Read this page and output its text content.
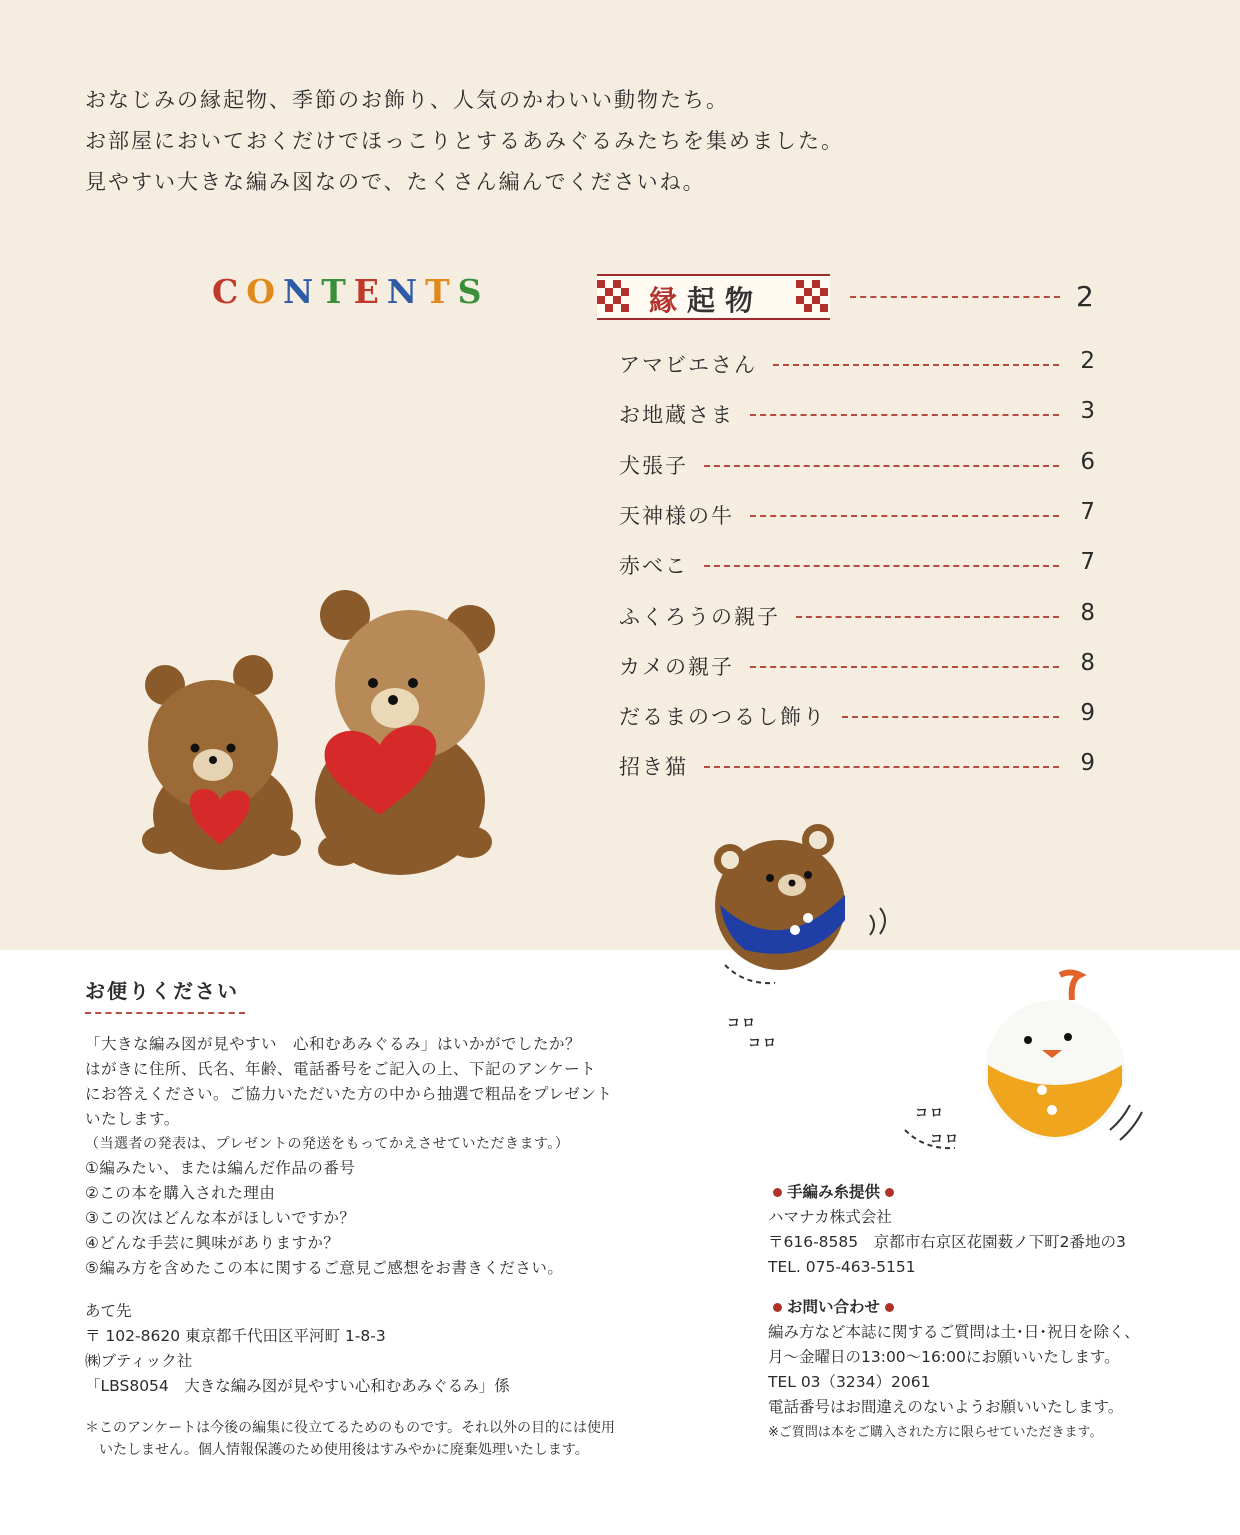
おなじみの縁起物、季節のお飾り、人気のかわいい動物たち。
お部屋においておくだけでほっこりとするあみぐるみたちを集めました。
見やすい大きな編み図なので、たくさん編んでくださいね。
CONTENTS	縁起物	2
アマビエさん	2
お地蔵さま	3
犬張子	6
天神様の牛	7
赤べこ	7
ふくろうの親子	8
カメの親子	8
だるまのつるし飾り	9
招き猫	9
コロ
コロ
コロ
コロ
お便りください
「大きな編み図が見やすい　心和むあみぐるみ」はいかがでしたか？
はがきに住所、氏名、年齢、電話番号をご記入の上、下記のアンケート
にお答えください。ご協力いただいた方の中から抽選で粗品をプレゼント
いたします。
（当選者の発表は、プレゼントの発送をもってかえさせていただきます。）
①編みたい、または編んだ作品の番号
②この本を購入された理由
③この次はどんな本がほしいですか？
④どんな手芸に興味がありますか？
⑤編み方を含めたこの本に関するご意見ご感想をお書きください。
あて先
〒 102-8620 東京都千代田区平河町 1-8-3
㈱ブティック社
「LBS8054　大きな編み図が見やすい心和むあみぐるみ」係
＊このアンケートは今後の編集に役立てるためのものです。それ以外の目的には使用
いたしません。個人情報保護のため使用後はすみやかに廃棄処理いたします。
手編み糸提供
ハマナカ株式会社
〒616-8585　京都市右京区花園薮ノ下町2番地の3
TEL. 075-463-5151
お問い合わせ
編み方など本誌に関するご質問は土･日･祝日を除く、
月～金曜日の13:00～16:00にお願いいたします。
TEL 03（3234）2061
電話番号はお間違えのないようお願いいたします。
※ご質問は本をご購入された方に限らせていただきます。
